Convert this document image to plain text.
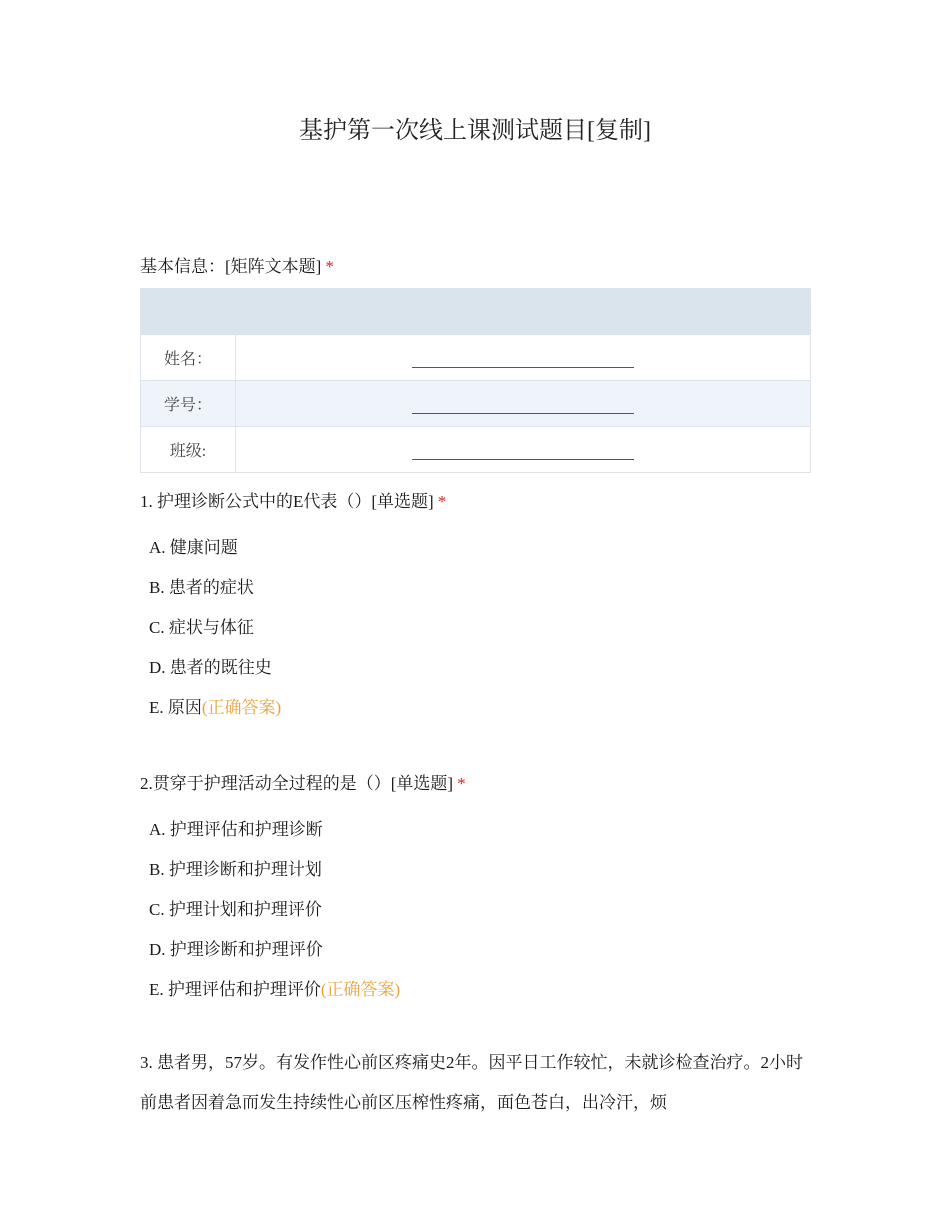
基护第一次线上课测试题目[复制]
基本信息：[矩阵文本题] *

姓名：	
学号：	
班级:	
1. 护理诊断公式中的E代表（）[单选题] *
A. 健康问题
B. 患者的症状
C. 症状与体征
D. 患者的既往史
E. 原因(正确答案)
2.贯穿于护理活动全过程的是（）[单选题] *
A. 护理评估和护理诊断
B. 护理诊断和护理计划
C. 护理计划和护理评价
D. 护理诊断和护理评价
E. 护理评估和护理评价(正确答案)
3. 患者男，57岁。有发作性心前区疼痛史2年。因平日工作较忙，未就诊检查治疗。2小时前患者因着急而发生持续性心前区压榨性疼痛，面色苍白，出冷汗，烦
